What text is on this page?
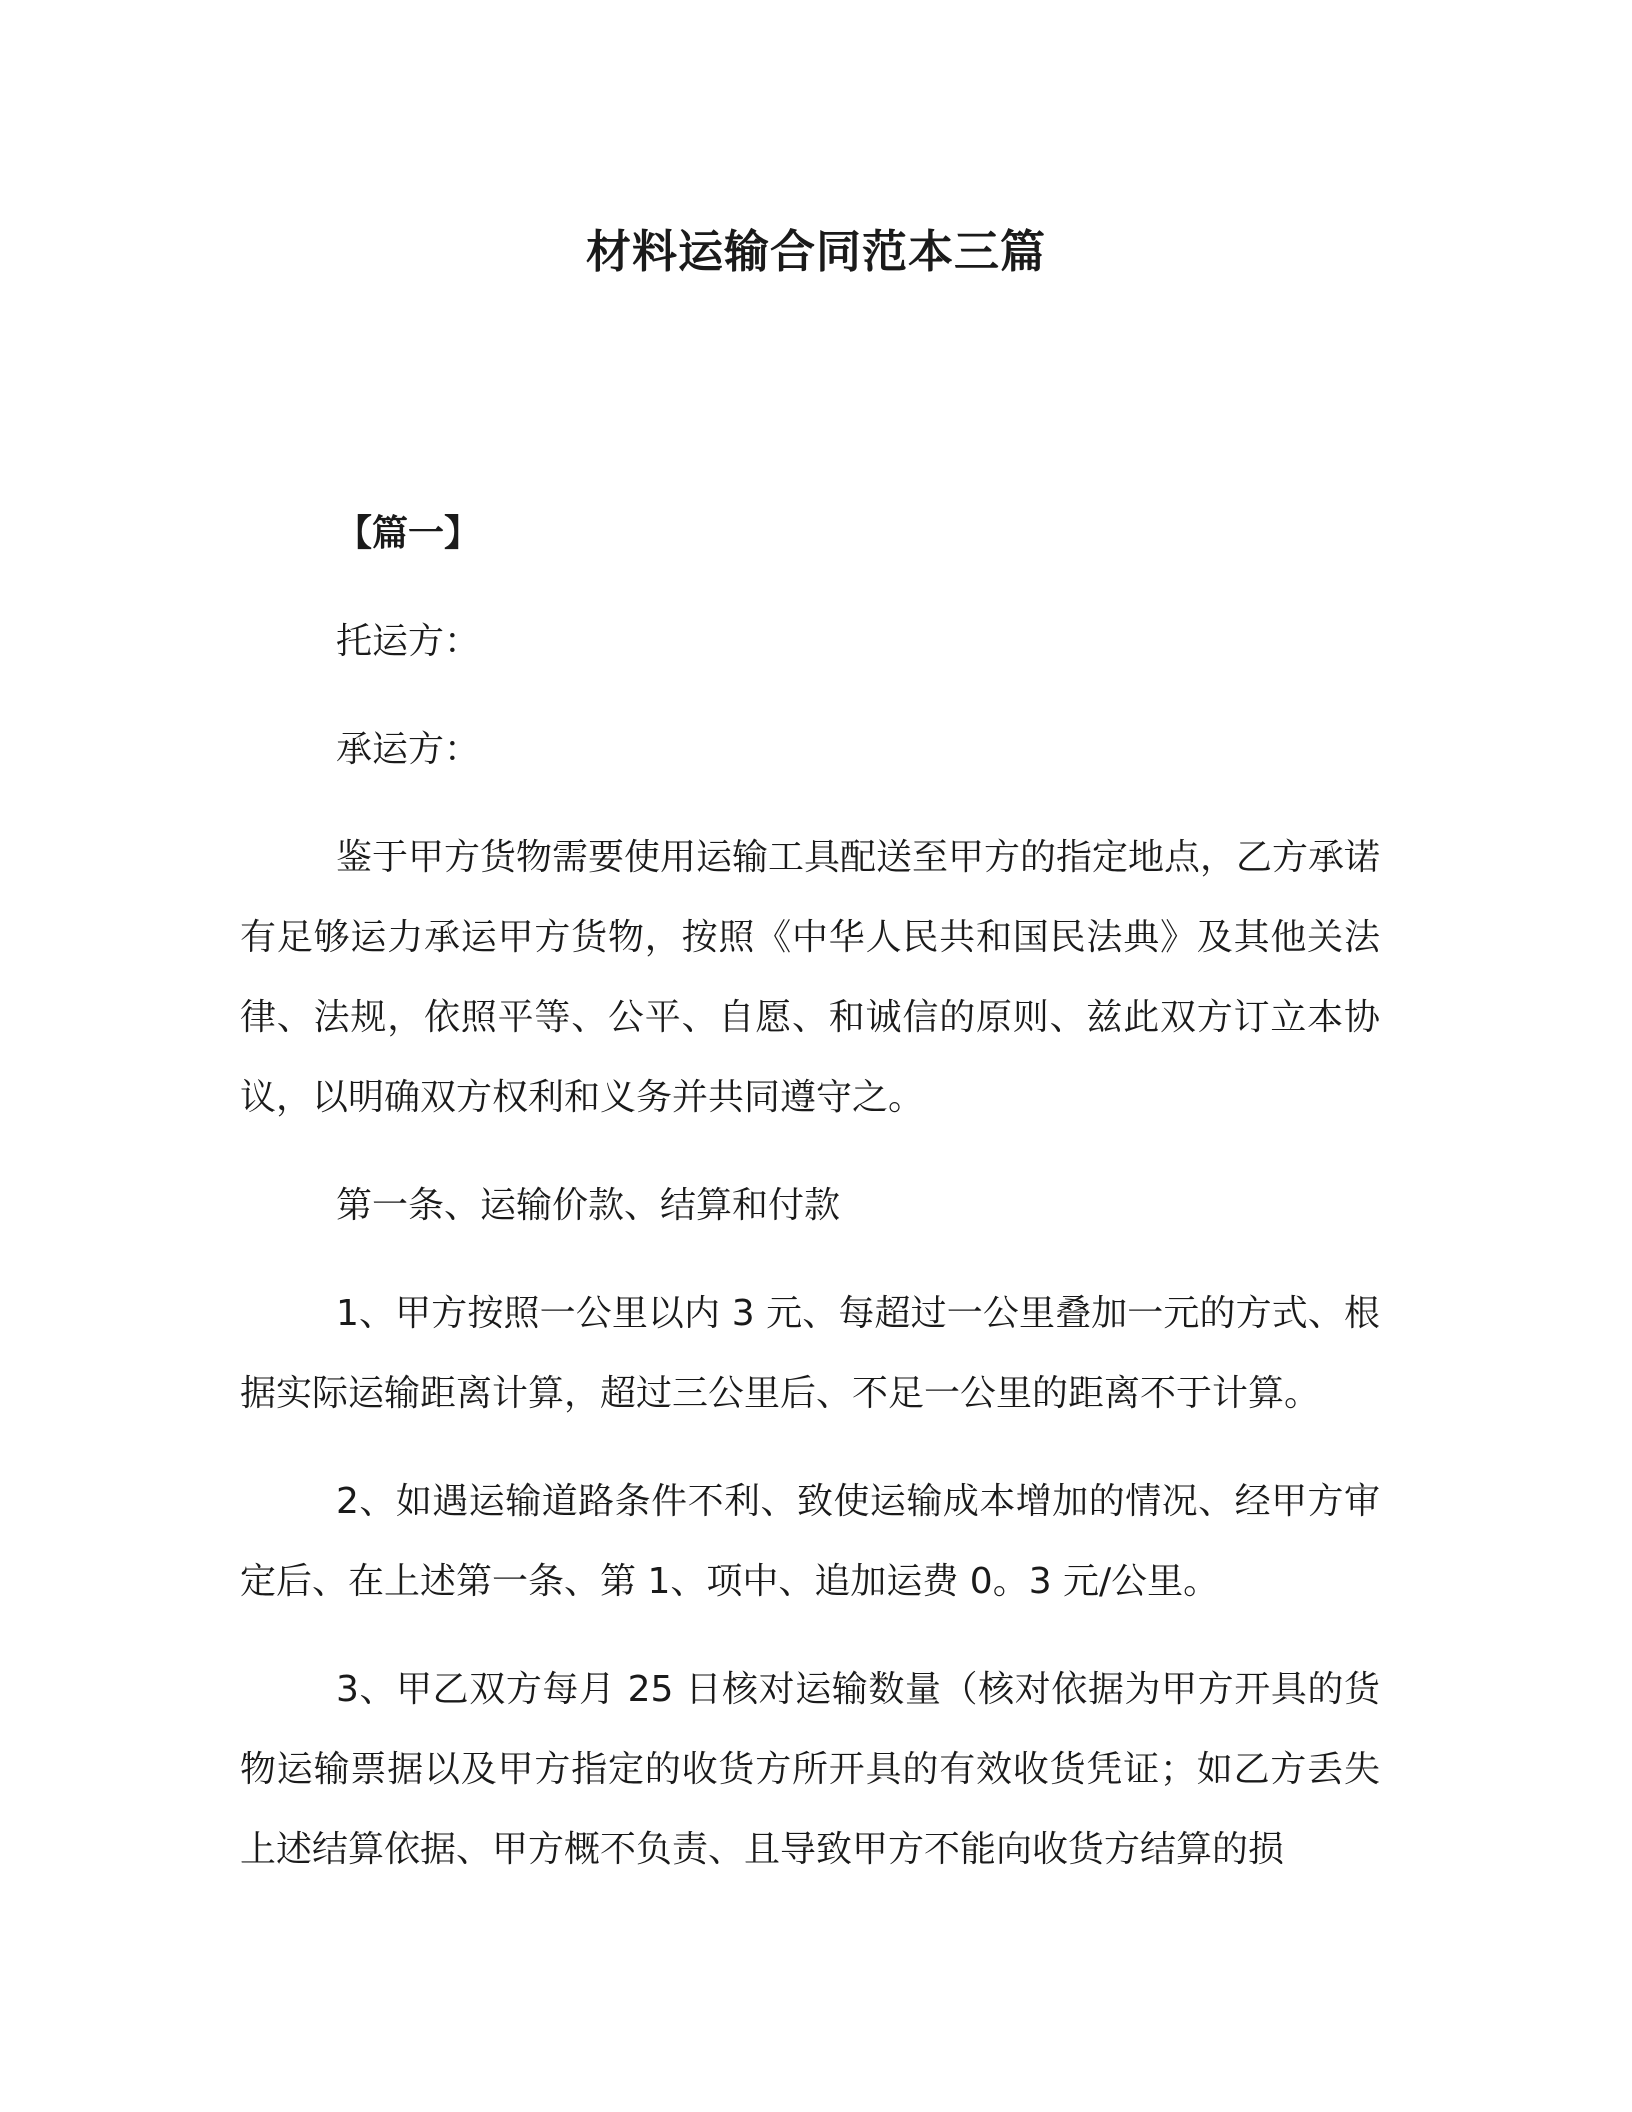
材料运输合同范本三篇

【篇一】

托运方：

承运方：

鉴于甲方货物需要使用运输工具配送至甲方的指定地点，乙方承诺有足够运力承运甲方货物，按照《中华人民共和国民法典》及其他关法律、法规，依照平等、公平、自愿、和诚信的原则、兹此双方订立本协议，以明确双方权利和义务并共同遵守之。

第一条、运输价款、结算和付款

1、甲方按照一公里以内 3 元、每超过一公里叠加一元的方式、根据实际运输距离计算，超过三公里后、不足一公里的距离不于计算。

2、如遇运输道路条件不利、致使运输成本增加的情况、经甲方审定后、在上述第一条、第 1、项中、追加运费 0。3 元/公里。

3、甲乙双方每月 25 日核对运输数量（核对依据为甲方开具的货物运输票据以及甲方指定的收货方所开具的有效收货凭证；如乙方丢失上述结算依据、甲方概不负责、且导致甲方不能向收货方结算的损
